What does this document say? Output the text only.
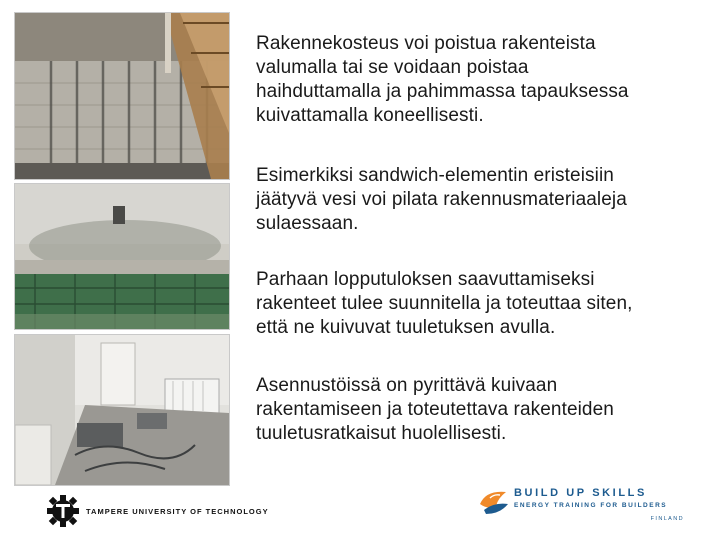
Rakennekosteus voi poistua rakenteista
valumalla tai se voidaan poistaa
haihduttamalla ja pahimmassa tapauksessa
kuivattamalla koneellisesti.

Esimerkiksi sandwich-elementin eristeisiin
jäätyvä vesi voi pilata rakennusmateriaaleja
sulaessaan.

Parhaan lopputuloksen saavuttamiseksi
rakenteet tulee suunnitella ja toteuttaa siten,
että ne kuivuvat tuuletuksen avulla.

Asennustöissä on pyrittävä kuivaan
rakentamiseen ja toteutettava rakenteiden
tuuletusratkaisut huolellisesti.

TAMPERE UNIVERSITY OF TECHNOLOGY
BUILD UP SKILLS
ENERGY TRAINING FOR BUILDERS
FINLAND
